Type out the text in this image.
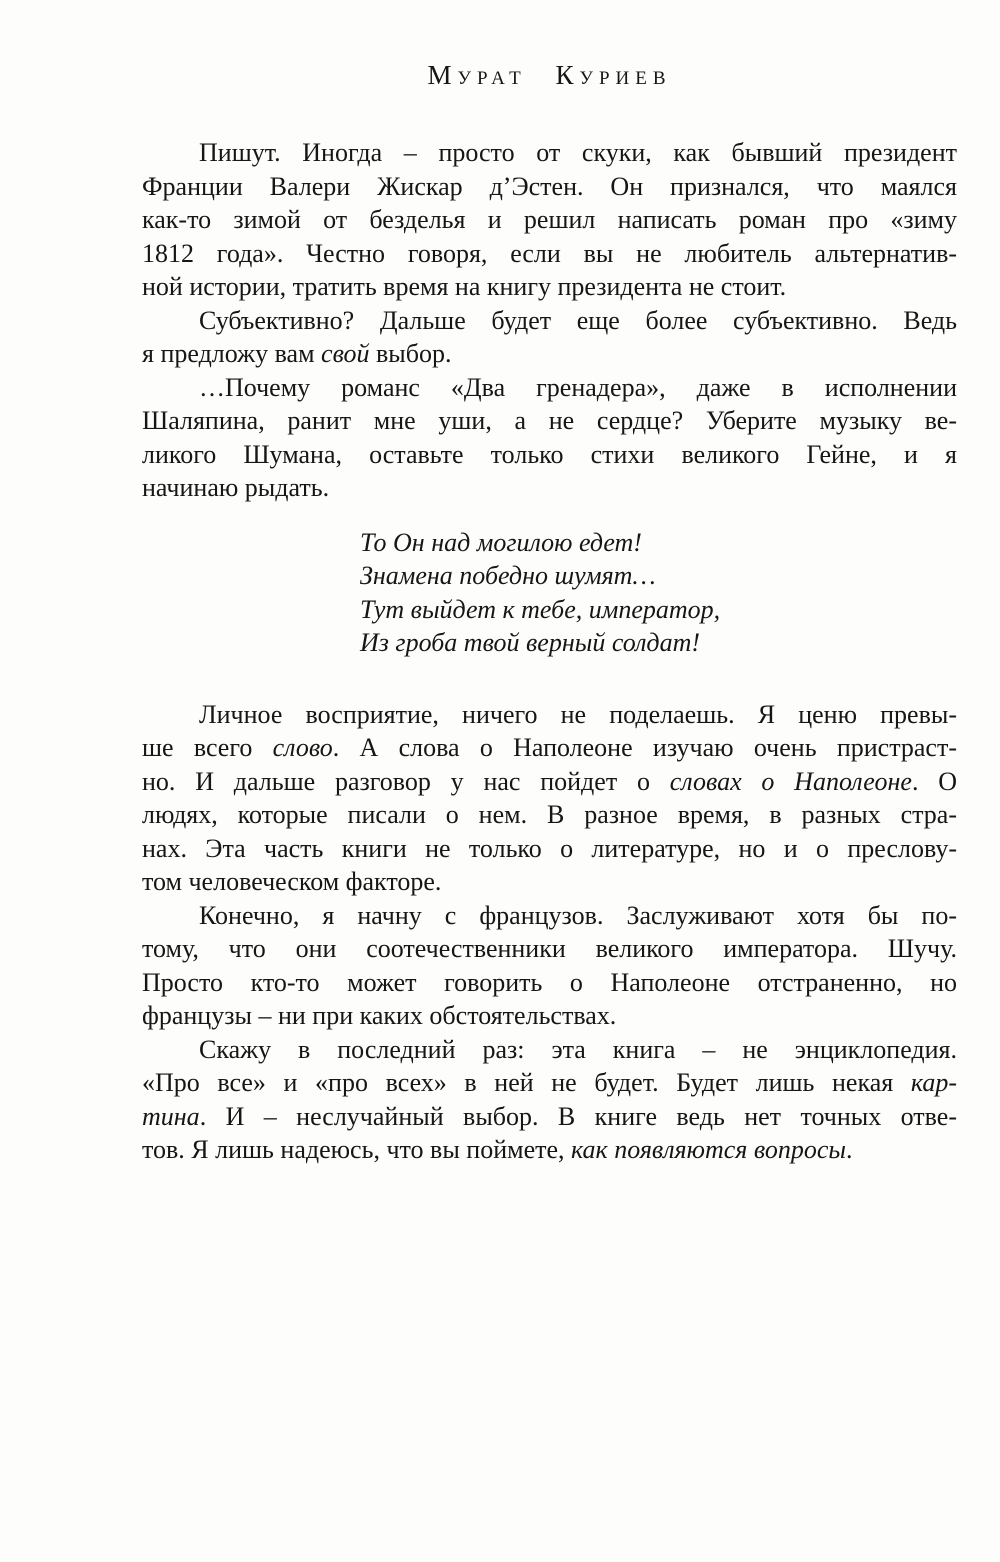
Мурат Куриев
Пишут. Иногда – просто от скуки, как бывший президент
Франции Валери Жискар д’Эстен. Он признался, что маялся
как-то зимой от безделья и решил написать роман про «зиму
1812 года». Честно говоря, если вы не любитель альтернатив-
ной истории, тратить время на книгу президента не стоит.
Субъективно? Дальше будет еще более субъективно. Ведь
я предложу вам свой выбор.
…Почему романс «Два гренадера», даже в исполнении
Шаляпина, ранит мне уши, а не сердце? Уберите музыку ве-
ликого Шумана, оставьте только стихи великого Гейне, и я
начинаю рыдать.
То Он над могилою едет!
Знамена победно шумят…
Тут выйдет к тебе, император,
Из гроба твой верный солдат!
Личное восприятие, ничего не поделаешь. Я ценю превы-
ше всего слово. А слова о Наполеоне изучаю очень пристраст-
но. И дальше разговор у нас пойдет о словах о Наполеоне. О
людях, которые писали о нем. В разное время, в разных стра-
нах. Эта часть книги не только о литературе, но и о преслову-
том человеческом факторе.
Конечно, я начну с французов. Заслуживают хотя бы по-
тому, что они соотечественники великого императора. Шучу.
Просто кто-то может говорить о Наполеоне отстраненно, но
французы – ни при каких обстоятельствах.
Скажу в последний раз: эта книга – не энциклопедия.
«Про все» и «про всех» в ней не будет. Будет лишь некая кар-
тина. И – неслучайный выбор. В книге ведь нет точных отве-
тов. Я лишь надеюсь, что вы поймете, как появляются вопросы.
